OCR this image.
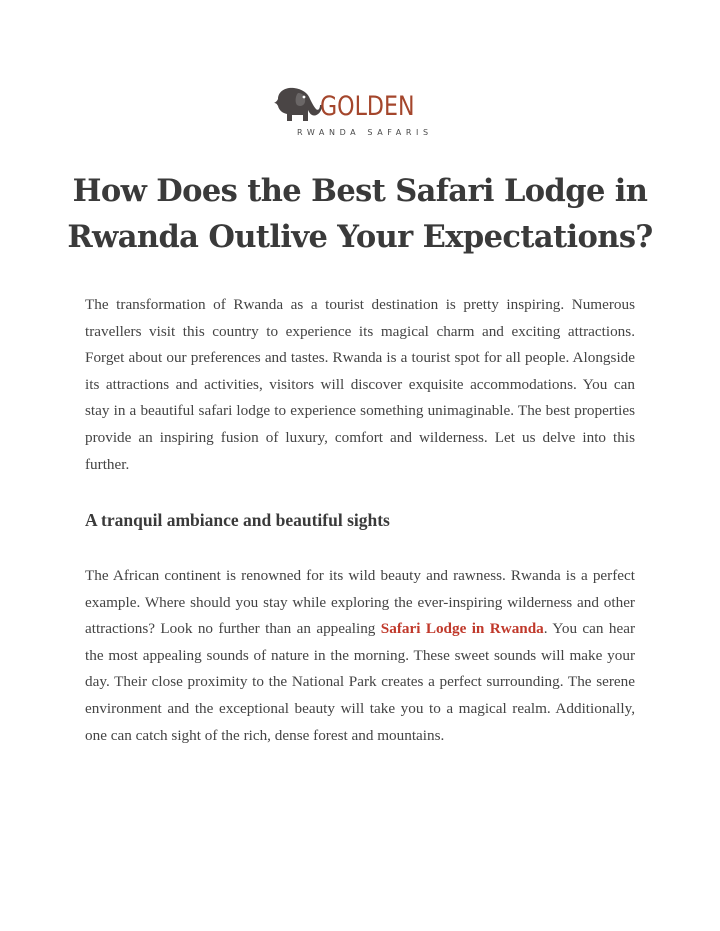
GOLDEN
RWANDA SAFARIS
How Does the Best Safari Lodge in Rwanda Outlive Your Expectations?

The transformation of Rwanda as a tourist destination is pretty inspiring. Numerous travellers visit this country to experience its magical charm and exciting attractions. Forget about our preferences and tastes. Rwanda is a tourist spot for all people. Alongside its attractions and activities, visitors will discover exquisite accommodations. You can stay in a beautiful safari lodge to experience something unimaginable. The best properties provide an inspiring fusion of luxury, comfort and wilderness. Let us delve into this further.

A tranquil ambiance and beautiful sights

The African continent is renowned for its wild beauty and rawness. Rwanda is a perfect example. Where should you stay while exploring the ever-inspiring wilderness and other attractions? Look no further than an appealing Safari Lodge in Rwanda. You can hear the most appealing sounds of nature in the morning. These sweet sounds will make your day. Their close proximity to the National Park creates a perfect surrounding. The serene environment and the exceptional beauty will take you to a magical realm. Additionally, one can catch sight of the rich, dense forest and mountains.
